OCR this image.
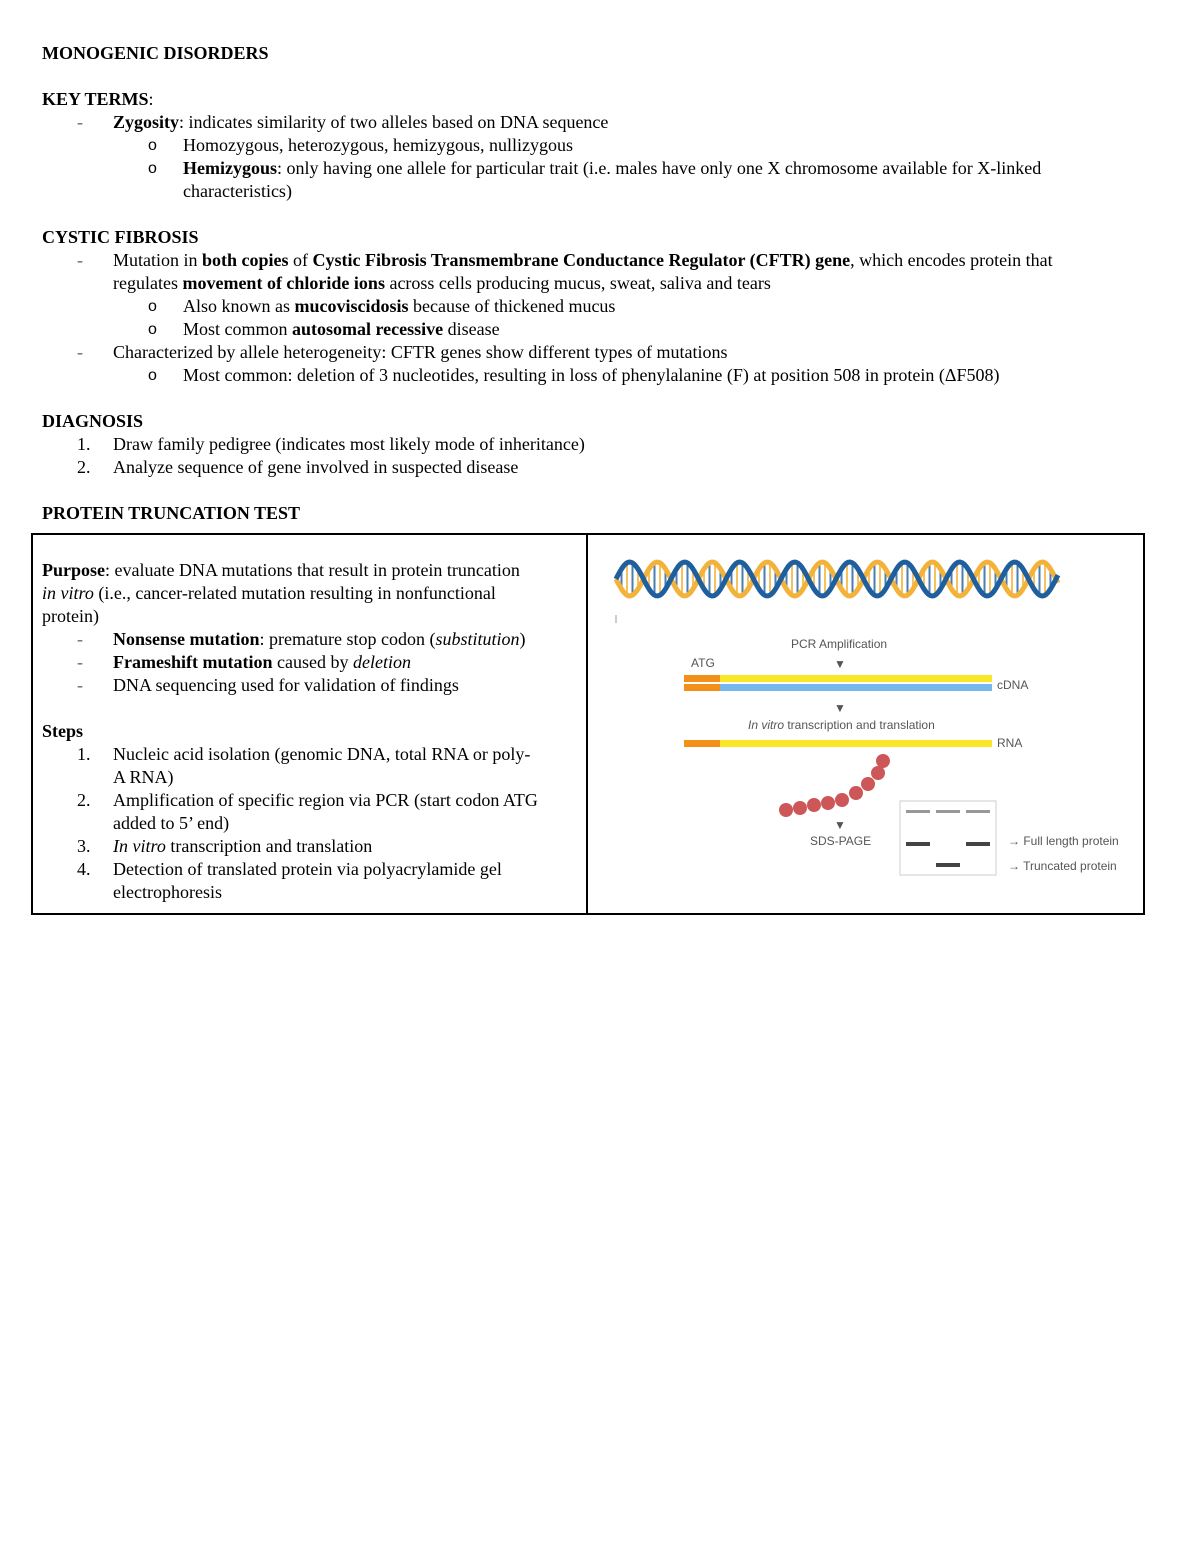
MONOGENIC DISORDERS

KEY TERMS:

- Zygosity: indicates similarity of two alleles based on DNA sequence
o Homozygous, heterozygous, hemizygous, nullizygous
o Hemizygous: only having one allele for particular trait (i.e. males have only one X chromosome available for X-linked
characteristics)

CYSTIC FIBROSIS

- Mutation in both copies of Cystic Fibrosis Transmembrane Conductance Regulator (CFTR) gene, which encodes protein that
regulates movement of chloride ions across cells producing mucus, sweat, saliva and tears
o Also known as mucoviscidosis because of thickened mucus
o Most common autosomal recessive disease
- Characterized by allele heterogeneity: CFTR genes show different types of mutations
o Most common: deletion of 3 nucleotides, resulting in loss of phenylalanine (F) at position 508 in protein (ΔF508)

DIAGNOSIS

1. Draw family pedigree (indicates most likely mode of inheritance)
2. Analyze sequence of gene involved in suspected disease

PROTEIN TRUNCATION TEST

Purpose: evaluate DNA mutations that result in protein truncation
in vitro (i.e., cancer-related mutation resulting in nonfunctional
protein)
- Nonsense mutation: premature stop codon (substitution)
- Frameshift mutation caused by deletion
- DNA sequencing used for validation of findings
Steps
1. Nucleic acid isolation (genomic DNA, total RNA or poly-
A RNA)
2. Amplification of specific region via PCR (start codon ATG
added to 5’ end)
3. In vitro transcription and translation
4. Detection of translated protein via polyacrylamide gel
electrophoresis
PCR Amplification
ATG	▼
cDNA
▼
In vitro transcription and translation
RNA
▼
SDS-PAGE	→ Full length protein
→ Truncated protein
